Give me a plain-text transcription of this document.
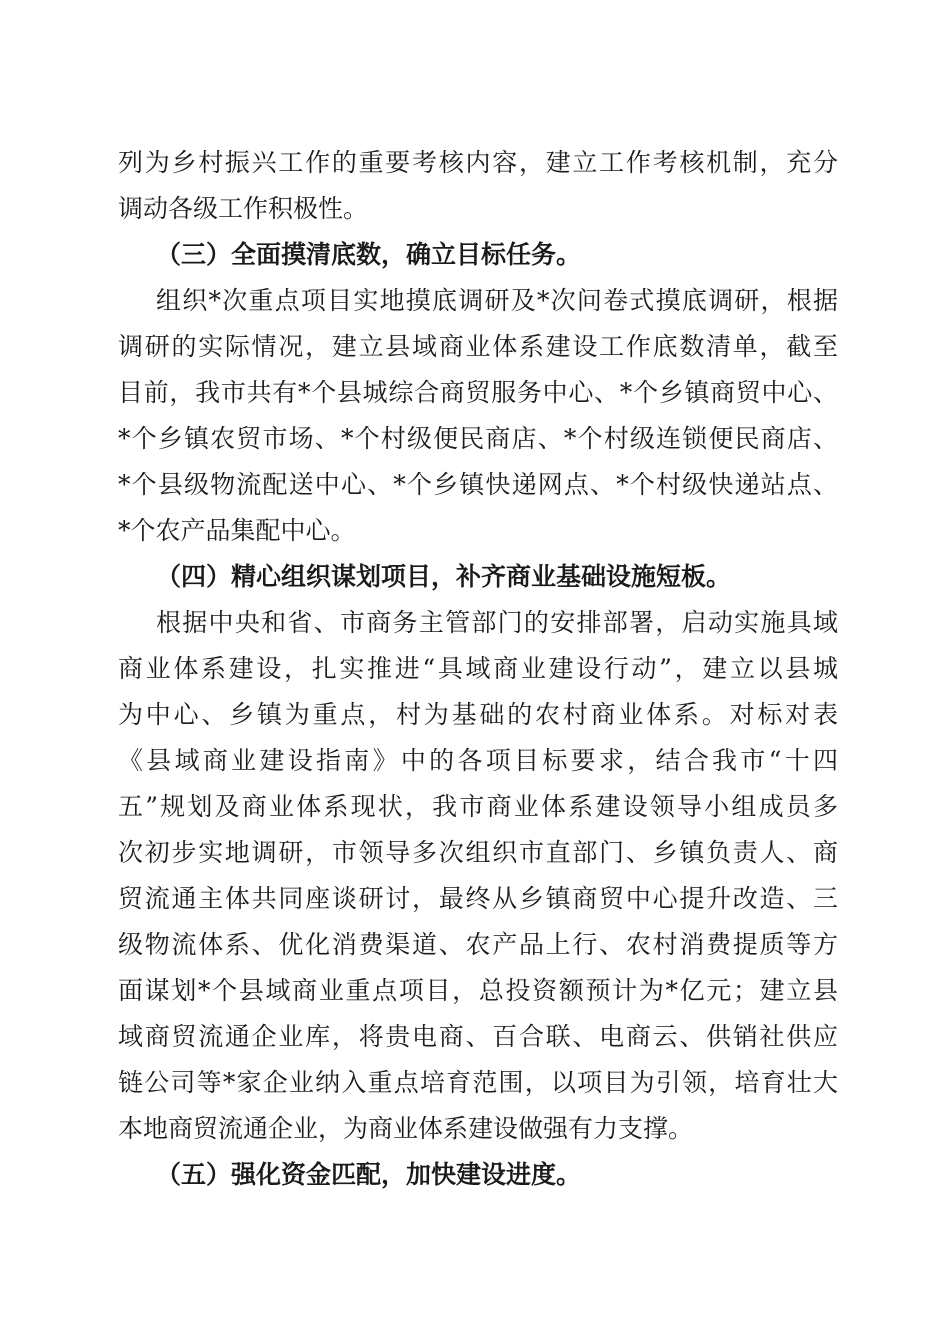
列为乡村振兴工作的重要考核内容，建立工作考核机制，充分
调动各级工作积极性。
（三）全面摸清底数，确立目标任务。
组织*次重点项目实地摸底调研及*次问卷式摸底调研，根据
调研的实际情况，建立县域商业体系建设工作底数清单，截至
目前，我市共有*个县城综合商贸服务中心、*个乡镇商贸中心、
*个乡镇农贸市场、*个村级便民商店、*个村级连锁便民商店、
*个县级物流配送中心、*个乡镇快递网点、*个村级快递站点、
*个农产品集配中心。
（四）精心组织谋划项目，补齐商业基础设施短板。
根据中央和省、市商务主管部门的安排部署，启动实施具域
商业体系建设，扎实推进“具域商业建设行动”，建立以县城
为中心、乡镇为重点，村为基础的农村商业体系。对标对表
《县域商业建设指南》中的各项目标要求，结合我市“十四
五”规划及商业体系现状，我市商业体系建设领导小组成员多
次初步实地调研，市领导多次组织市直部门、乡镇负责人、商
贸流通主体共同座谈研讨，最终从乡镇商贸中心提升改造、三
级物流体系、优化消费渠道、农产品上行、农村消费提质等方
面谋划*个县域商业重点项目，总投资额预计为*亿元；建立县
域商贸流通企业库，将贵电商、百合联、电商云、供销社供应
链公司等*家企业纳入重点培育范围，以项目为引领，培育壮大
本地商贸流通企业，为商业体系建设做强有力支撑。
（五）强化资金匹配，加快建设进度。
